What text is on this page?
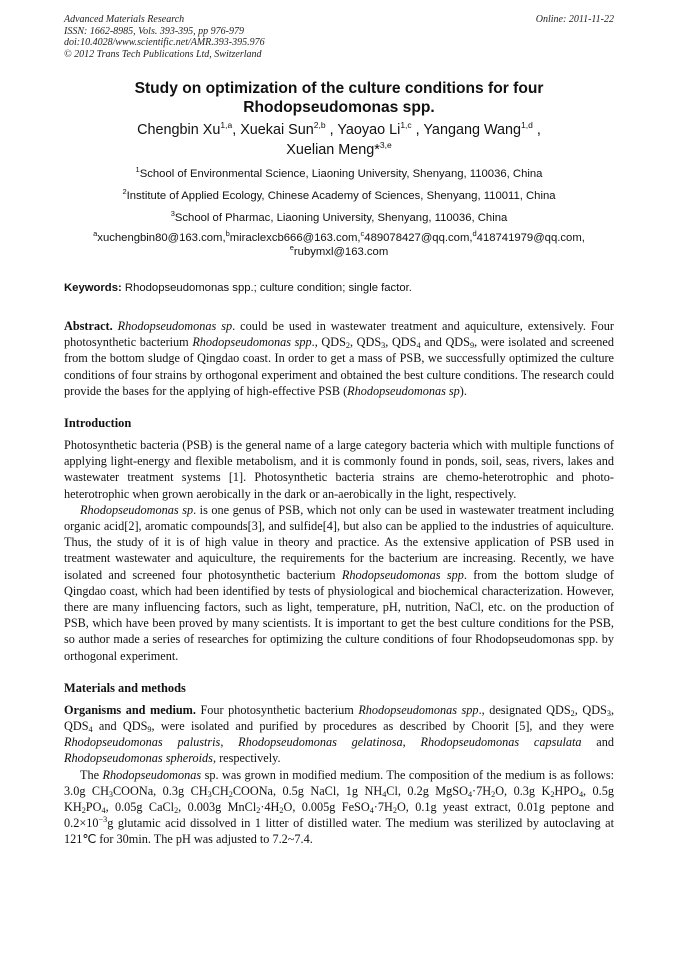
Advanced Materials Research
ISSN: 1662-8985, Vols. 393-395, pp 976-979
doi:10.4028/www.scientific.net/AMR.393-395.976
© 2012 Trans Tech Publications Ltd, Switzerland
Online: 2011-11-22
Study on optimization of the culture conditions for four
Rhodopseudomonas spp.
Chengbin Xu$^{1,a}$, Xuekai Sun$^{2,b}$ , Yaoyao Li$^{1,c}$ , Yangang Wang$^{1,d}$ ,
Xuelian Meng*$^{3,e}$
$^1$School of Environmental Science, Liaoning University, Shenyang, 110036, China
$^2$Institute of Applied Ecology, Chinese Academy of Sciences, Shenyang, 110011, China
$^3$School of Pharmac, Liaoning University, Shenyang, 110036, China
$^a$xuchengbin80@163.com,$^b$miraclexcb666@163.com,$^c$489078427@qq.com,$^d$418741979@qq.com,
$^e$rubymxl@163.com
Keywords: Rhodopseudomonas spp.; culture condition; single factor.

Abstract. Rhodopseudomonas sp. could be used in wastewater treatment and aquiculture, extensively. Four photosynthetic bacterium Rhodopseudomonas spp., $QDS_2$, $QDS_3$, $QDS_4$ and $QDS_9$, were isolated and screened from the bottom sludge of Qingdao coast. In order to get a mass of PSB, we successfully optimized the culture conditions of four strains by orthogonal experiment and obtained the best culture conditions. The research could provide the bases for the applying of high-effective PSB (Rhodopseudomonas sp).

Introduction

Photosynthetic bacteria (PSB) is the general name of a large category bacteria which with multiple functions of applying light-energy and flexible metabolism, and it is commonly found in ponds, soil, seas, rivers, lakes and wastewater treatment systems [1]. Photosynthetic bacteria strains are chemo-heterotrophic and photo-heterotrophic when grown aerobically in the dark or an-aerobically in the light, respectively.

Rhodopseudomonas sp. is one genus of PSB, which not only can be used in wastewater treatment including organic acid[2], aromatic compounds[3], and sulfide[4], but also can be applied to the industries of aquiculture. Thus, the study of it is of high value in theory and practice. As the extensive application of PSB used in treatment wastewater and aquiculture, the requirements for the bacterium are increasing. Recently, we have isolated and screened four photosynthetic bacterium Rhodopseudomonas spp. from the bottom sludge of Qingdao coast, which had been identified by tests of physiological and biochemical characterization. However, there are many influencing factors, such as light, temperature, pH, nutrition, NaCl, etc. on the production of PSB, which have been proved by many scientists. It is important to get the best culture conditions for the PSB, so author made a series of researches for optimizing the culture conditions of four Rhodopseudomonas spp. by orthogonal experiment.

Materials and methods

Organisms and medium. Four photosynthetic bacterium Rhodopseudomonas spp., designated $QDS_2$, $QDS_3$, $QDS_4$ and $QDS_9$, were isolated and purified by procedures as described by Choorit [5], and they were Rhodopseudomonas palustris, Rhodopseudomonas gelatinosa, Rhodopseudomonas capsulata and Rhodopseudomonas spheroids, respectively.

The Rhodopseudomonas sp. was grown in modified medium. The composition of the medium is as follows: 3.0g $CH_3COONa$, 0.3g $CH_3CH_2COONa$, 0.5g NaCl, 1g $NH_4Cl$, 0.2g $MgSO_4\cdot 7H_2O$, 0.3g $K_2HPO_4$, 0.5g $KH_2PO_4$, 0.05g CaCl$_2$, 0.003g $MnCl_2\cdot 4H_2O$, 0.005g $FeSO_4\cdot 7H_2O$, 0.1g yeast extract, 0.01g peptone and $0.2\times 10^{-3}g$ glutamic acid dissolved in 1 litter of distilled water. The medium was sterilized by autoclaving at 121℃ for 30min. The pH was adjusted to 7.2~7.4.
